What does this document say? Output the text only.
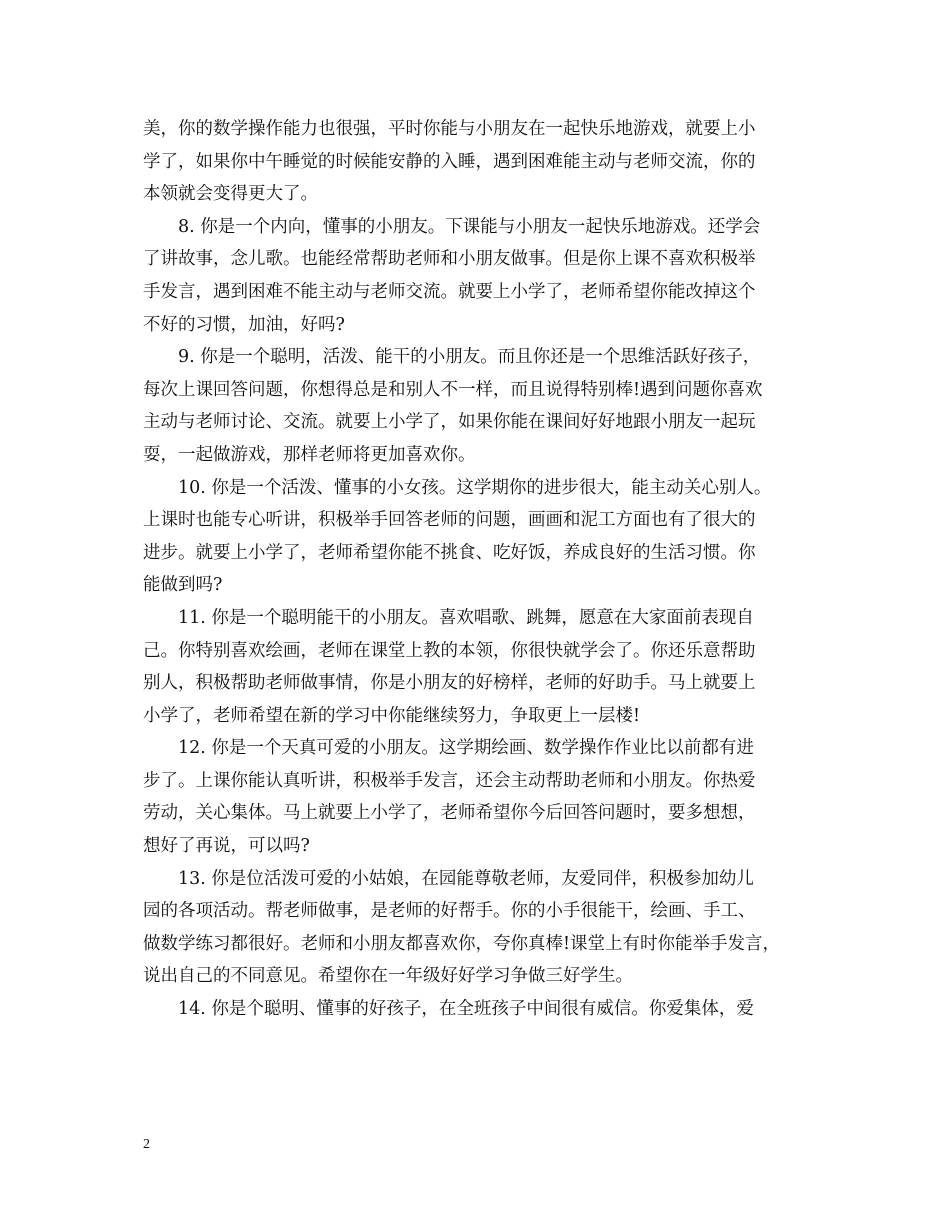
美，你的数学操作能力也很强，平时你能与小朋友在一起快乐地游戏，就要上小
学了，如果你中午睡觉的时候能安静的入睡，遇到困难能主动与老师交流，你的
本领就会变得更大了。
8. 你是一个内向，懂事的小朋友。下课能与小朋友一起快乐地游戏。还学会
了讲故事，念儿歌。也能经常帮助老师和小朋友做事。但是你上课不喜欢积极举
手发言，遇到困难不能主动与老师交流。就要上小学了，老师希望你能改掉这个
不好的习惯，加油，好吗?
9. 你是一个聪明，活泼、能干的小朋友。而且你还是一个思维活跃好孩子，
每次上课回答问题，你想得总是和别人不一样，而且说得特别棒!遇到问题你喜欢
主动与老师讨论、交流。就要上小学了，如果你能在课间好好地跟小朋友一起玩
耍，一起做游戏，那样老师将更加喜欢你。
10. 你是一个活泼、懂事的小女孩。这学期你的进步很大，能主动关心别人。
上课时也能专心听讲，积极举手回答老师的问题，画画和泥工方面也有了很大的
进步。就要上小学了，老师希望你能不挑食、吃好饭，养成良好的生活习惯。你
能做到吗?
11. 你是一个聪明能干的小朋友。喜欢唱歌、跳舞，愿意在大家面前表现自
己。你特别喜欢绘画，老师在课堂上教的本领，你很快就学会了。你还乐意帮助
别人，积极帮助老师做事情，你是小朋友的好榜样，老师的好助手。马上就要上
小学了，老师希望在新的学习中你能继续努力，争取更上一层楼!
12. 你是一个天真可爱的小朋友。这学期绘画、数学操作作业比以前都有进
步了。上课你能认真听讲，积极举手发言，还会主动帮助老师和小朋友。你热爱
劳动，关心集体。马上就要上小学了，老师希望你今后回答问题时，要多想想，
想好了再说，可以吗?
13. 你是位活泼可爱的小姑娘，在园能尊敬老师，友爱同伴，积极参加幼儿
园的各项活动。帮老师做事，是老师的好帮手。你的小手很能干，绘画、手工、
做数学练习都很好。老师和小朋友都喜欢你，夸你真棒!课堂上有时你能举手发言，
说出自己的不同意见。希望你在一年级好好学习争做三好学生。
14. 你是个聪明、懂事的好孩子，在全班孩子中间很有威信。你爱集体，爱
2
